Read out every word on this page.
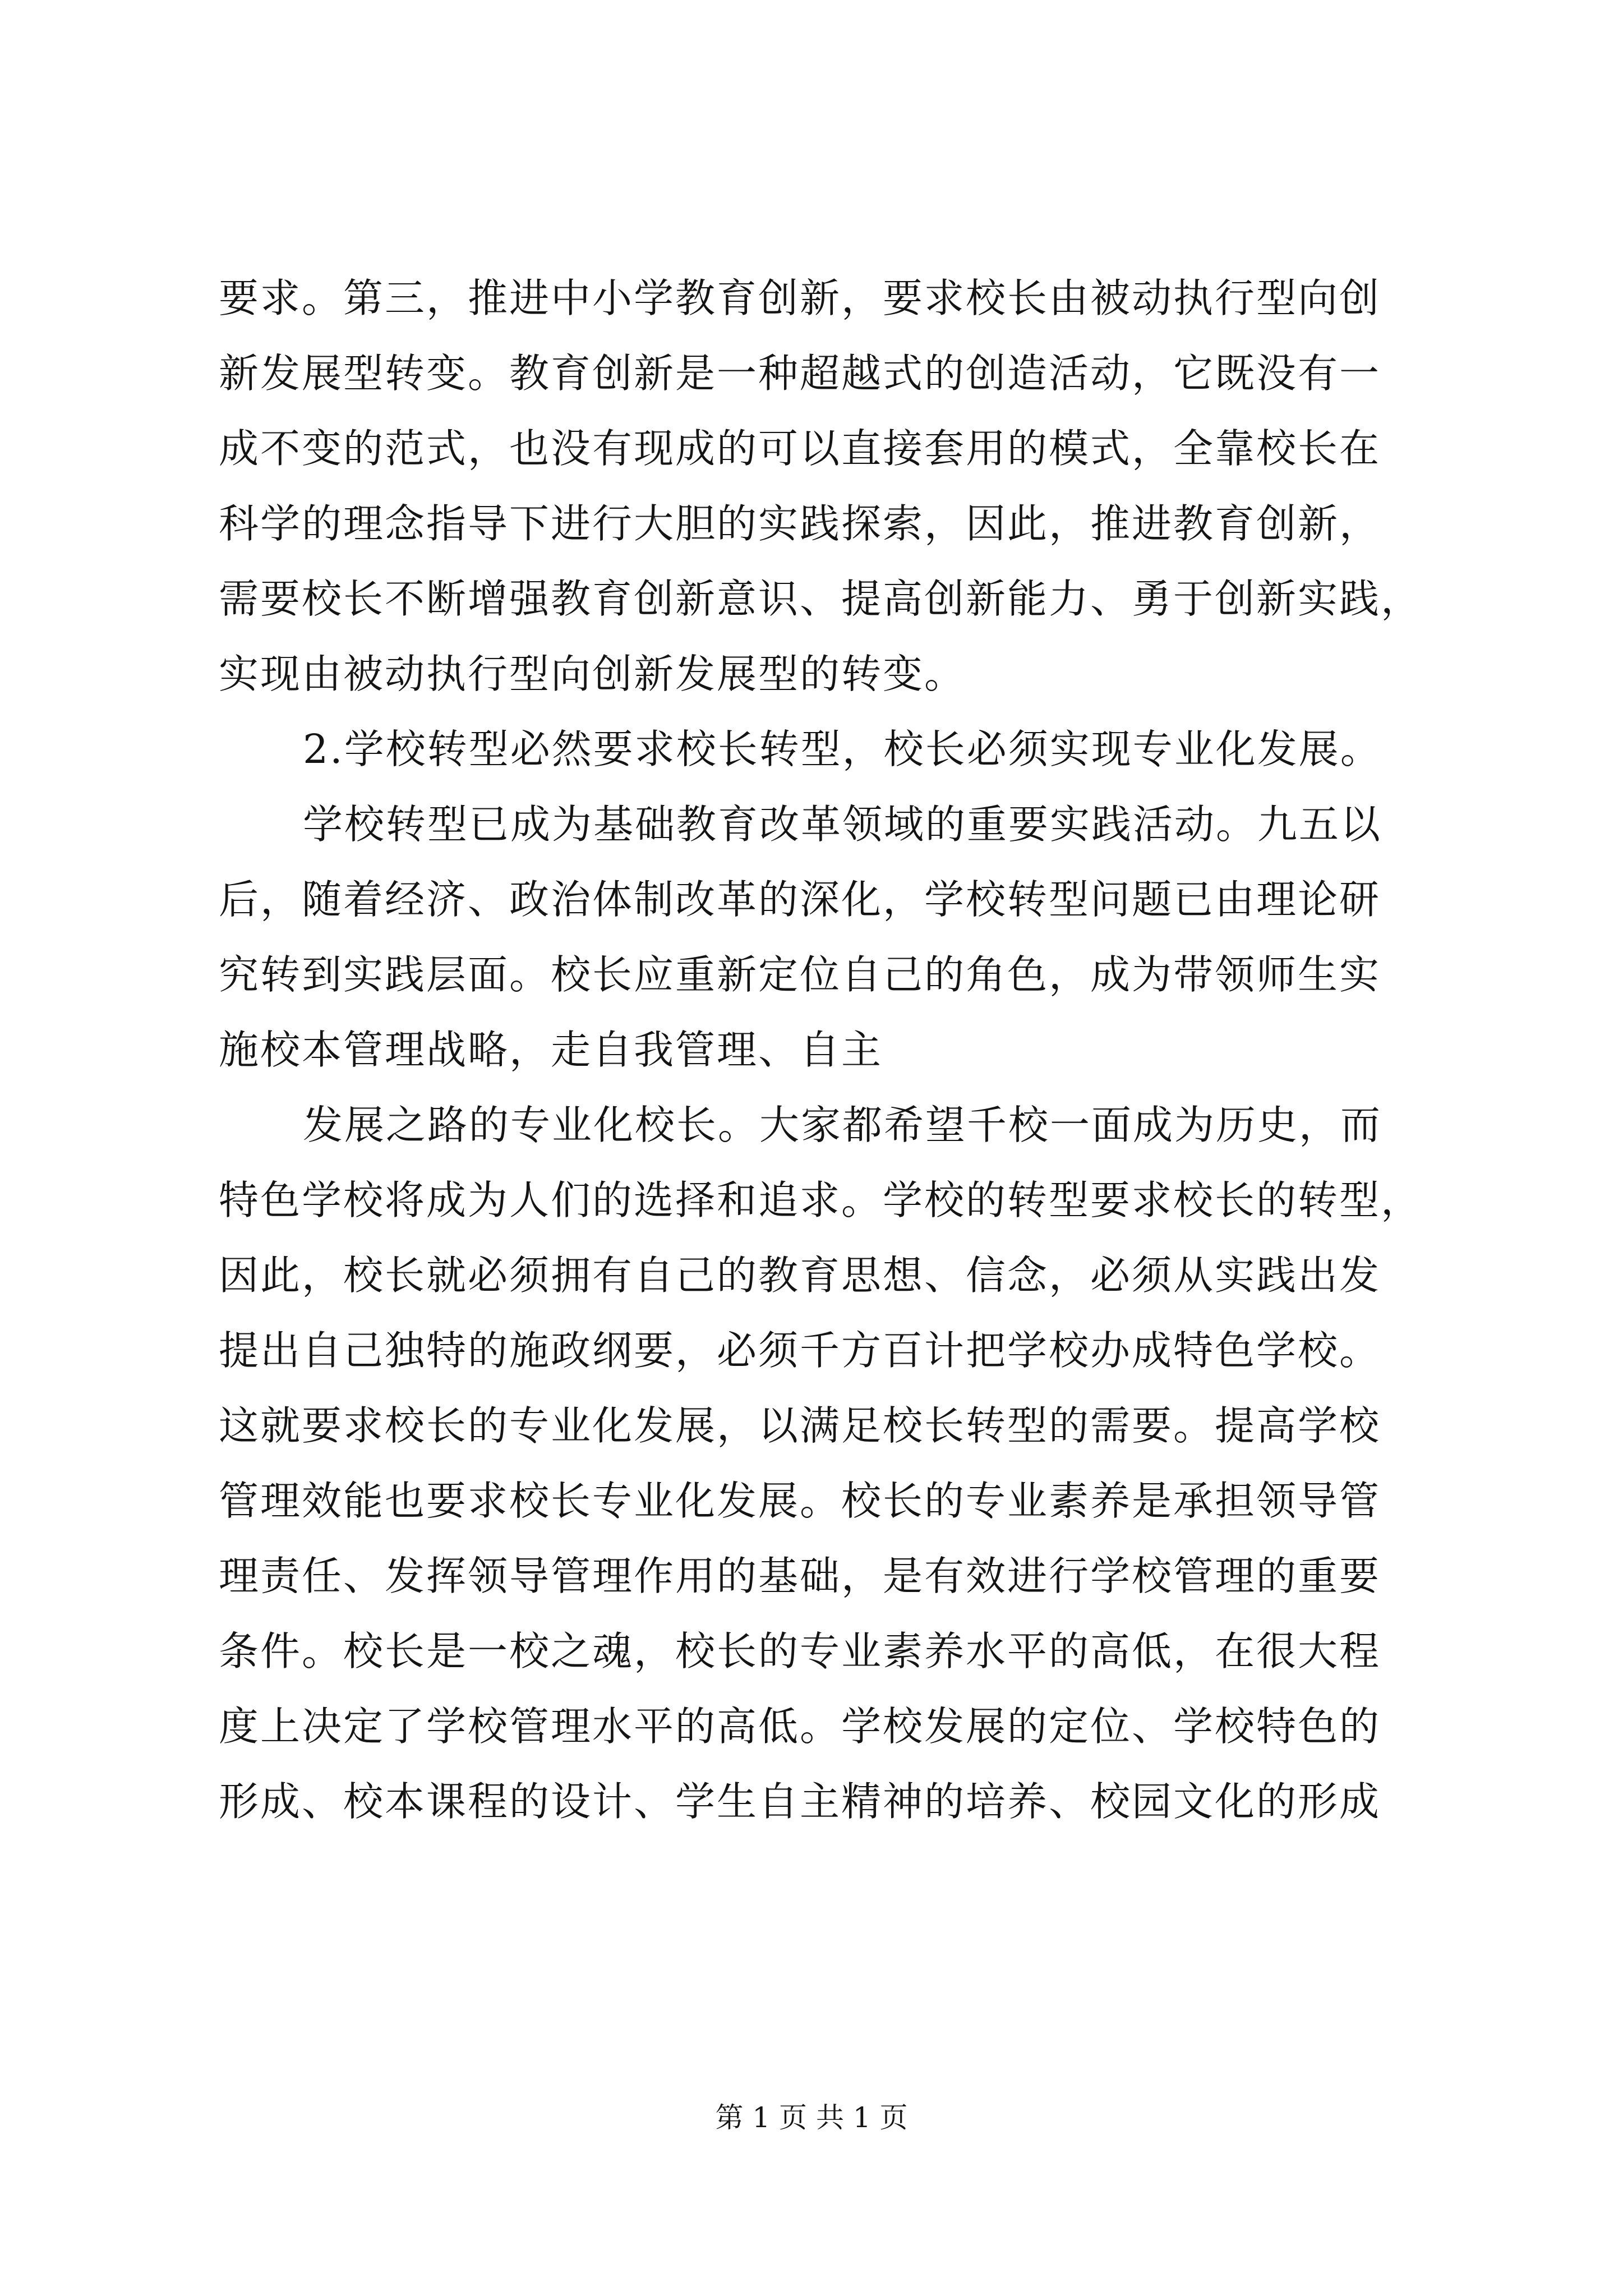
要求。第三，推进中小学教育创新，要求校长由被动执行型向创
新发展型转变。教育创新是一种超越式的创造活动，它既没有一
成不变的范式，也没有现成的可以直接套用的模式，全靠校长在
科学的理念指导下进行大胆的实践探索，因此，推进教育创新，
需要校长不断增强教育创新意识、提高创新能力、勇于创新实践，
实现由被动执行型向创新发展型的转变。
2.学校转型必然要求校长转型，校长必须实现专业化发展。
学校转型已成为基础教育改革领域的重要实践活动。九五以
后，随着经济、政治体制改革的深化，学校转型问题已由理论研
究转到实践层面。校长应重新定位自己的角色，成为带领师生实
施校本管理战略，走自我管理、自主
发展之路的专业化校长。大家都希望千校一面成为历史，而
特色学校将成为人们的选择和追求。学校的转型要求校长的转型，
因此，校长就必须拥有自己的教育思想、信念，必须从实践出发
提出自己独特的施政纲要，必须千方百计把学校办成特色学校。
这就要求校长的专业化发展，以满足校长转型的需要。提高学校
管理效能也要求校长专业化发展。校长的专业素养是承担领导管
理责任、发挥领导管理作用的基础，是有效进行学校管理的重要
条件。校长是一校之魂，校长的专业素养水平的高低，在很大程
度上决定了学校管理水平的高低。学校发展的定位、学校特色的
形成、校本课程的设计、学生自主精神的培养、校园文化的形成
第 1 页 共 1 页
